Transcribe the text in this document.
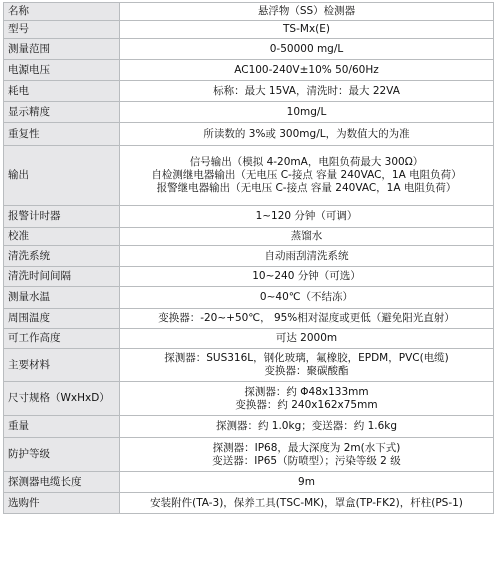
名称	悬浮物（SS）检测器

型号	TS-Mx(E)

测量范围	0-50000 mg/L

电源电压	AC100-240V±10% 50/60Hz

耗电	标称：最大 15VA，清洗时：最大 22VA

显示精度	10mg/L

重复性	所读数的 3%或 300mg/L，为数值大的为准

输出	信号输出（模拟 4-20mA，电阻负荷最大 300Ω）
自检测继电器输出（无电压 C-接点 容量 240VAC，1A 电阻负荷）
报警继电器输出（无电压 C-接点 容量 240VAC，1A 电阻负荷）

报警计时器	1~120 分钟（可调）

校准	蒸馏水

清洗系统	自动雨刮清洗系统

清洗时间间隔	10~240 分钟（可选）

测量水温	0~40℃（不结冻）

周围温度	变换器：-20~+50℃， 95%相对湿度或更低（避免阳光直射）

可工作高度	可达 2000m

主要材料	探测器：SUS316L，钢化玻璃，氟橡胶，EPDM，PVC(电缆)
变换器：聚碳酸酯

尺寸规格（WxHxD）	探测器：约 Φ48x133mm
变换器：约 240x162x75mm

重量	探测器：约 1.0kg；变送器：约 1.6kg

防护等级	探测器：IP68，最大深度为 2m(水下式)
变送器：IP65（防喷型）；污染等级 2 级

探测器电缆长度	9m

选购件	安装附件(TA-3)，保养工具(TSC-MK)，罩盒(TP-FK2)，杆柱(PS-1)
